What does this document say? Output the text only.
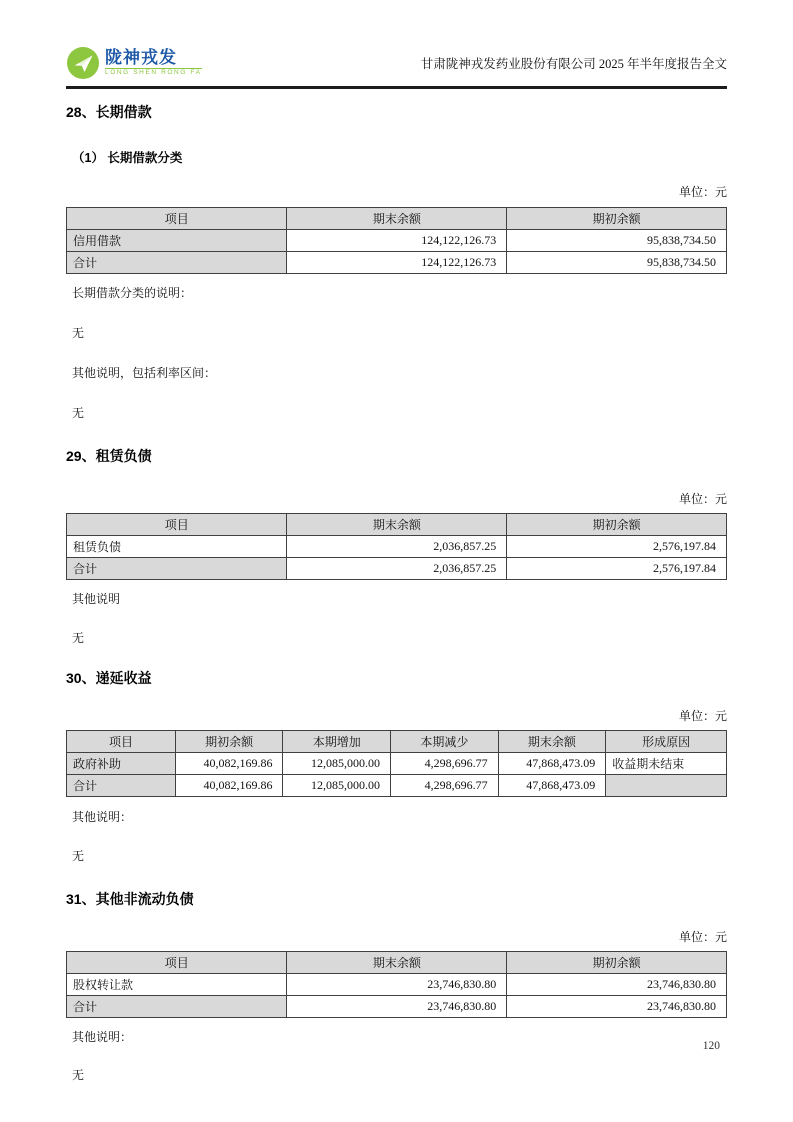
陇神戎发
LONG SHEN RONG FA
甘肃陇神戎发药业股份有限公司 2025 年半年度报告全文
28、长期借款
（1） 长期借款分类
单位：元
项目	期末余额	期初余额
信用借款	124,122,126.73	95,838,734.50
合计	124,122,126.73	95,838,734.50
长期借款分类的说明：
无
其他说明，包括利率区间：
无
29、租赁负债
单位：元
项目	期末余额	期初余额
租赁负债	2,036,857.25	2,576,197.84
合计	2,036,857.25	2,576,197.84
其他说明
无
30、递延收益
单位：元
项目	期初余额	本期增加	本期减少	期末余额	形成原因
政府补助	40,082,169.86	12,085,000.00	4,298,696.77	47,868,473.09	收益期未结束
合计	40,082,169.86	12,085,000.00	4,298,696.77	47,868,473.09	
其他说明：
无
31、其他非流动负债
单位：元
项目	期末余额	期初余额
股权转让款	23,746,830.80	23,746,830.80
合计	23,746,830.80	23,746,830.80
其他说明：
无
120
